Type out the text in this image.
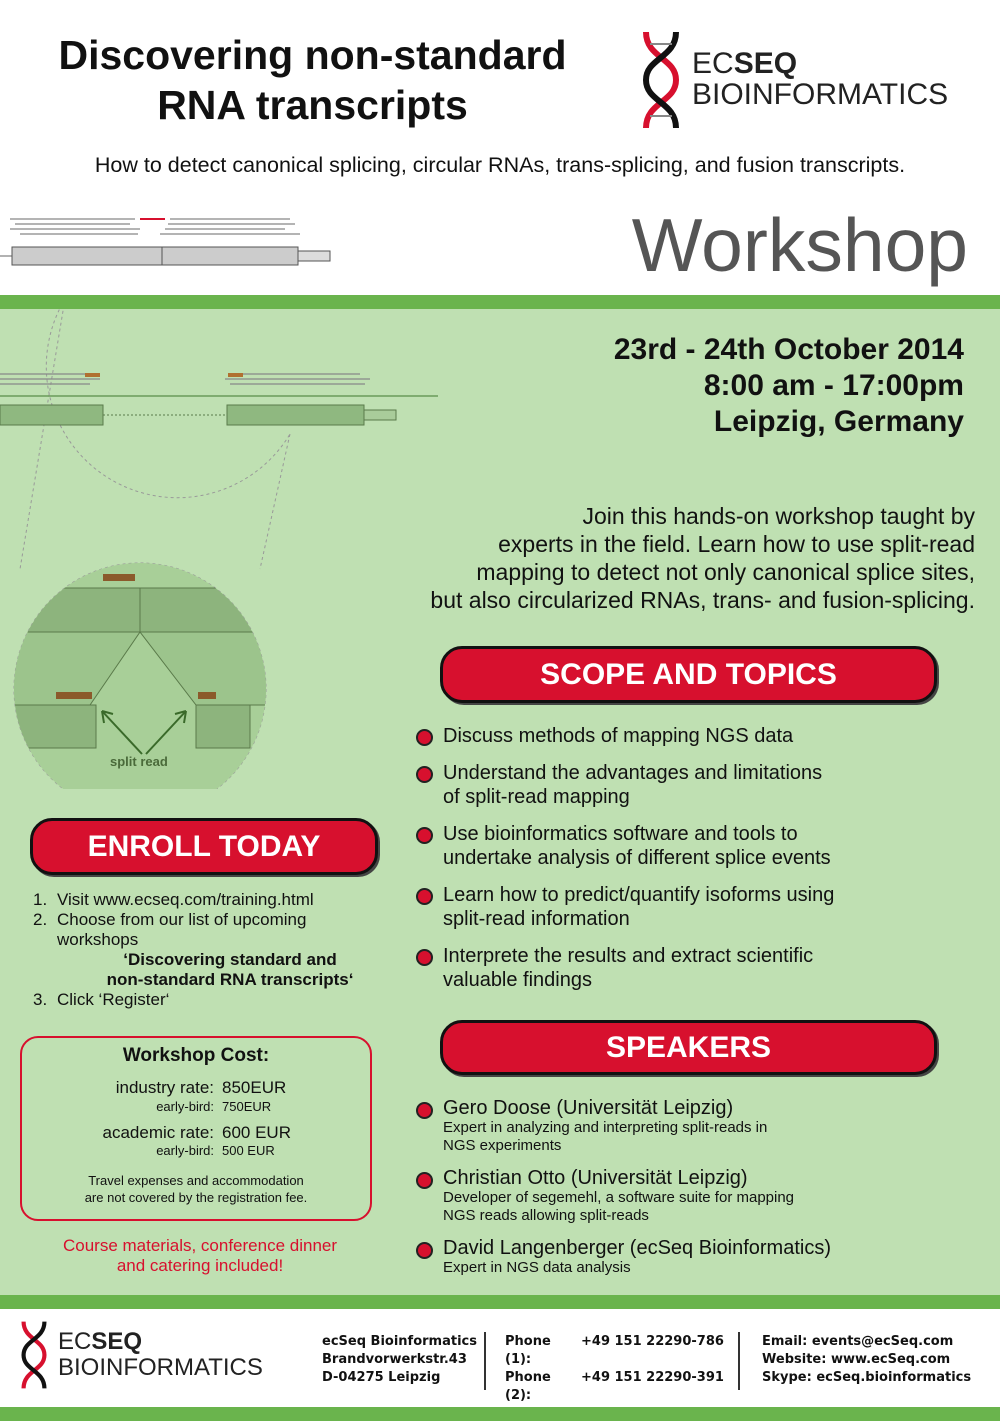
Discovering non-standard
RNA transcripts
ECSEQ
BIOINFORMATICS
How to detect canonical splicing, circular RNAs, trans-splicing, and fusion transcripts.
Workshop
split read
23rd - 24th October 2014
8:00 am - 17:00pm
Leipzig, Germany
Join this hands-on workshop taught by
experts in the field. Learn how to use split-read
mapping to detect not only canonical splice sites,
but also circularized RNAs, trans- and fusion-splicing.
SCOPE AND TOPICS
Discuss methods of mapping NGS data
Understand the advantages and limitations
of split-read mapping
Use bioinformatics software and tools to
undertake analysis of different splice events
Learn how to predict/quantify isoforms using
split-read information
Interprete the results and extract scientific
valuable findings
SPEAKERS
Gero Doose (Universität Leipzig)
Expert in analyzing and interpreting split-reads in
NGS experiments
Christian Otto (Universität Leipzig)
Developer of segemehl, a software suite for mapping
NGS reads allowing split-reads
David Langenberger (ecSeq Bioinformatics)
Expert in NGS data analysis
ENROLL TODAY
1. Visit www.ecseq.com/training.html
2. Choose from our list of upcoming
workshops
‘Discovering standard and
non-standard RNA transcripts‘
3. Click ‘Register‘
Workshop Cost:
industry rate: 850EUR
early-bird: 750EUR
academic rate: 600 EUR
early-bird: 500 EUR
Travel expenses and accommodation
are not covered by the registration fee.
Course materials, conference dinner
and catering included!
ECSEQ
BIOINFORMATICS
ecSeq Bioinformatics
Brandvorwerkstr.43
D-04275 Leipzig
Phone (1):
+49 151 22290-786
Phone (2):
+49 151 22290-391
Email: events@ecSeq.com
Website: www.ecSeq.com
Skype: ecSeq.bioinformatics
